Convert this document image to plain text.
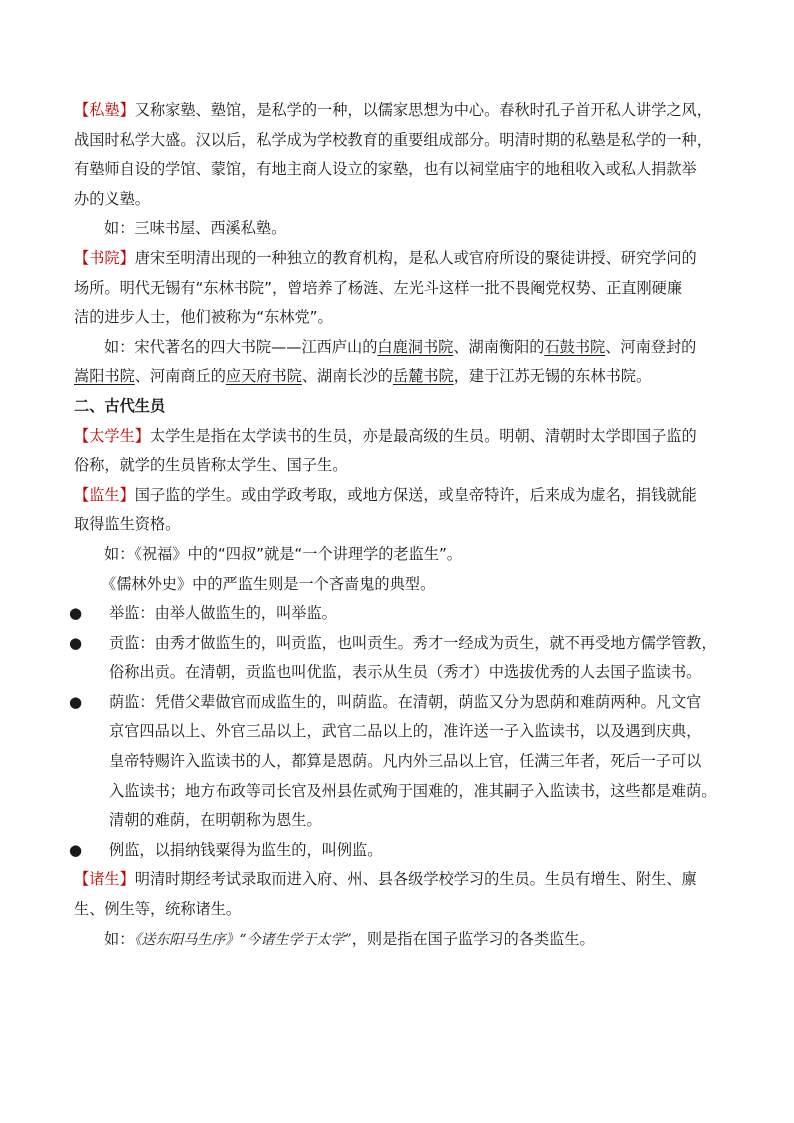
【私塾】又称家塾、塾馆，是私学的一种，以儒家思想为中心。春秋时孔子首开私人讲学之风，
战国时私学大盛。汉以后，私学成为学校教育的重要组成部分。明清时期的私塾是私学的一种，
有塾师自设的学馆、蒙馆，有地主商人设立的家塾，也有以祠堂庙宇的地租收入或私人捐款举
办的义塾。
如：三味书屋、西溪私塾。
【书院】唐宋至明清出现的一种独立的教育机构，是私人或官府所设的聚徒讲授、研究学问的
场所。明代无锡有“东林书院”，曾培养了杨涟、左光斗这样一批不畏阉党权势、正直刚硬廉
洁的进步人士，他们被称为“东林党”。
如：宋代著名的四大书院——江西庐山的白鹿洞书院、湖南衡阳的石鼓书院、河南登封的
嵩阳书院、河南商丘的应天府书院、湖南长沙的岳麓书院，建于江苏无锡的东林书院。
二、古代生员
【太学生】太学生是指在太学读书的生员，亦是最高级的生员。明朝、清朝时太学即国子监的
俗称，就学的生员皆称太学生、国子生。
【监生】国子监的学生。或由学政考取，或地方保送，或皇帝特许，后来成为虚名，捐钱就能
取得监生资格。
如：《祝福》中的“四叔”就是“一个讲理学的老监生”。
《儒林外史》中的严监生则是一个吝啬鬼的典型。
● 举监：由举人做监生的，叫举监。
● 贡监：由秀才做监生的，叫贡监，也叫贡生。秀才一经成为贡生，就不再受地方儒学管教，
俗称出贡。在清朝，贡监也叫优监，表示从生员（秀才）中选拔优秀的人去国子监读书。
● 荫监：凭借父辈做官而成监生的，叫荫监。在清朝，荫监又分为恩荫和难荫两种。凡文官
京官四品以上、外官三品以上，武官二品以上的，准许送一子入监读书，以及遇到庆典，
皇帝特赐许入监读书的人，都算是恩荫。凡内外三品以上官，任满三年者，死后一子可以
入监读书；地方布政等司长官及州县佐贰殉于国难的，准其嗣子入监读书，这些都是难荫。
清朝的难荫，在明朝称为恩生。
● 例监，以捐纳钱粟得为监生的，叫例监。
【诸生】明清时期经考试录取而进入府、州、县各级学校学习的生员。生员有增生、附生、廪
生、例生等，统称诸生。
如：《送东阳马生序》“今诸生学于太学”，则是指在国子监学习的各类监生。
